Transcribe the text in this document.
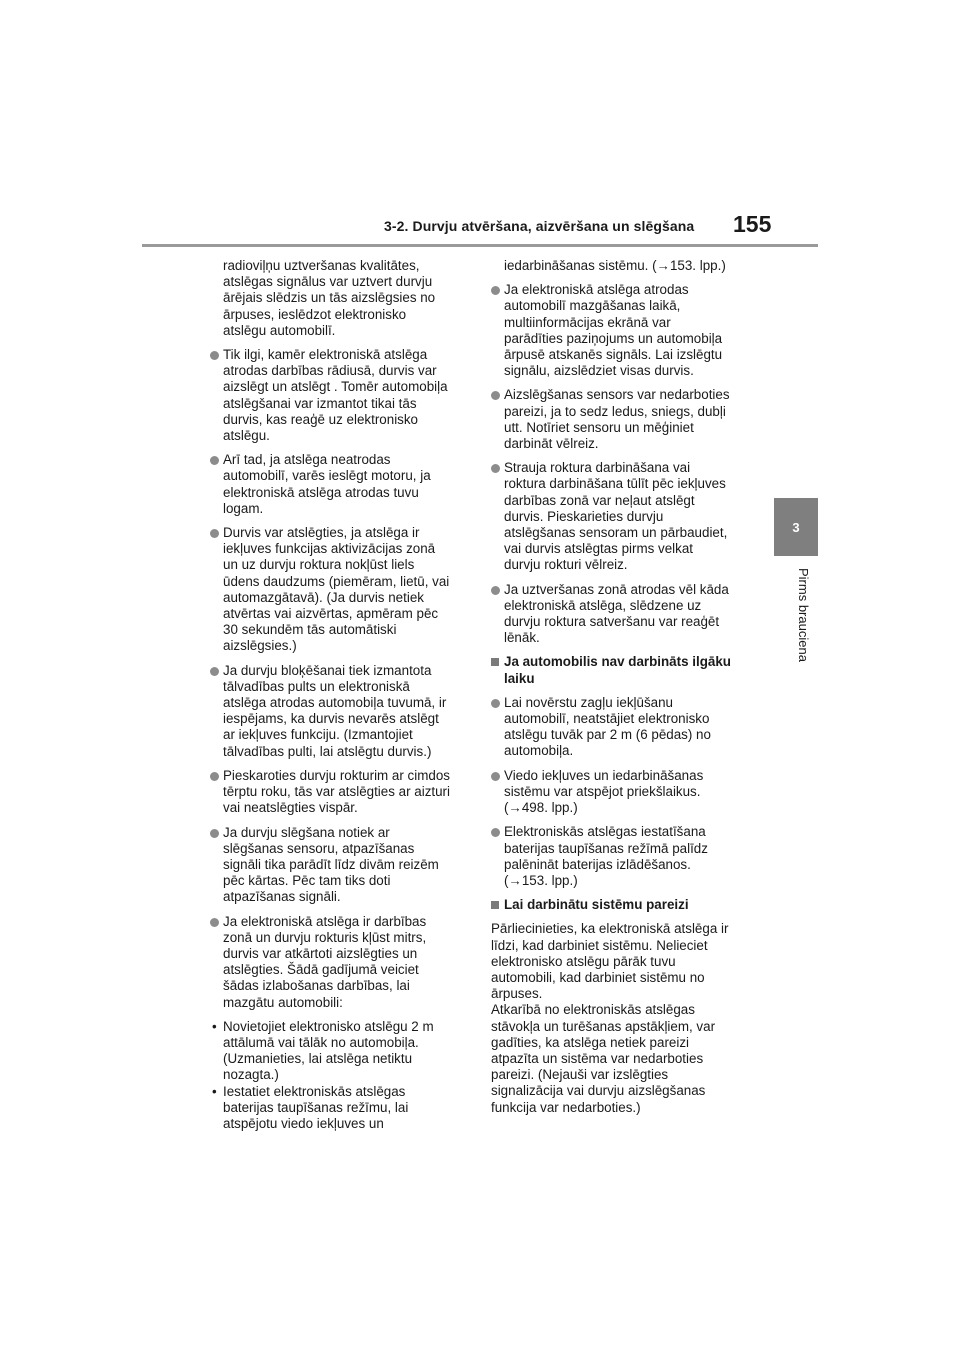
3-2. Durvju atvēršana, aizvēršana un slēgšana 155
3
Pirms brauciena
radioviļņu uztveršanas kvalitātes,
atslēgas signālus var uztvert durvju
ārējais slēdzis un tās aizslēgsies no
ārpuses, ieslēdzot elektronisko
atslēgu automobilī.
Tik ilgi, kamēr elektroniskā atslēga
atrodas darbības rādiusā, durvis var
aizslēgt un atslēgt . Tomēr automobiļa
atslēgšanai var izmantot tikai tās
durvis, kas reaģē uz elektronisko
atslēgu.
Arī tad, ja atslēga neatrodas
automobilī, varēs ieslēgt motoru, ja
elektroniskā atslēga atrodas tuvu
logam.
Durvis var atslēgties, ja atslēga ir
iekļuves funkcijas aktivizācijas zonā
un uz durvju roktura nokļūst liels
ūdens daudzums (piemēram, lietū, vai
automazgātavā). (Ja durvis netiek
atvērtas vai aizvērtas, apmēram pēc
30 sekundēm tās automātiski
aizslēgsies.)
Ja durvju bloķēšanai tiek izmantota
tālvadības pults un elektroniskā
atslēga atrodas automobiļa tuvumā, ir
iespējams, ka durvis nevarēs atslēgt
ar iekļuves funkciju. (Izmantojiet
tālvadības pulti, lai atslēgtu durvis.)
Pieskaroties durvju rokturim ar cimdos
tērptu roku, tās var atslēgties ar aizturi
vai neatslēgties vispār.
Ja durvju slēgšana notiek ar
slēgšanas sensoru, atpazīšanas
signāli tika parādīt līdz divām reizēm
pēc kārtas. Pēc tam tiks doti
atpazīšanas signāli.
Ja elektroniskā atslēga ir darbības
zonā un durvju rokturis kļūst mitrs,
durvis var atkārtoti aizslēgties un
atslēgties. Šādā gadījumā veiciet
šādas izlabošanas darbības, lai
mazgātu automobili:
• Novietojiet elektronisko atslēgu 2 m
attālumā vai tālāk no automobiļa.
(Uzmanieties, lai atslēga netiktu
nozagta.)
• Iestatiet elektroniskās atslēgas
baterijas taupīšanas režīmu, lai
atspējotu viedo iekļuves un
iedarbināšanas sistēmu. (→153. lpp.)
Ja elektroniskā atslēga atrodas
automobilī mazgāšanas laikā,
multiinformācijas ekrānā var
parādīties paziņojums un automobiļa
ārpusē atskanēs signāls. Lai izslēgtu
signālu, aizslēdziet visas durvis.
Aizslēgšanas sensors var nedarboties
pareizi, ja to sedz ledus, sniegs, dubļi
utt. Notīriet sensoru un mēģiniet
darbināt vēlreiz.
Strauja roktura darbināšana vai
roktura darbināšana tūlīt pēc iekļuves
darbības zonā var neļaut atslēgt
durvis. Pieskarieties durvju
atslēgšanas sensoram un pārbaudiet,
vai durvis atslēgtas pirms velkat
durvju rokturi vēlreiz.
Ja uztveršanas zonā atrodas vēl kāda
elektroniskā atslēga, slēdzene uz
durvju roktura satveršanu var reaģēt
lēnāk.
Ja automobilis nav darbināts ilgāku
laiku
Lai novērstu zagļu iekļūšanu
automobilī, neatstājiet elektronisko
atslēgu tuvāk par 2 m (6 pēdas) no
automobiļa.
Viedo iekļuves un iedarbināšanas
sistēmu var atspējot priekšlaikus.
(→498. lpp.)
Elektroniskās atslēgas iestatīšana
baterijas taupīšanas režīmā palīdz
palēnināt baterijas izlādēšanos.
(→153. lpp.)
Lai darbinātu sistēmu pareizi
Pārliecinieties, ka elektroniskā atslēga ir
līdzi, kad darbiniet sistēmu. Nelieciet
elektronisko atslēgu pārāk tuvu
automobili, kad darbiniet sistēmu no
ārpuses.
Atkarībā no elektroniskās atslēgas
stāvokļa un turēšanas apstākļiem, var
gadīties, ka atslēga netiek pareizi
atpazīta un sistēma var nedarboties
pareizi. (Nejauši var izslēgties
signalizācija vai durvju aizslēgšanas
funkcija var nedarboties.)
